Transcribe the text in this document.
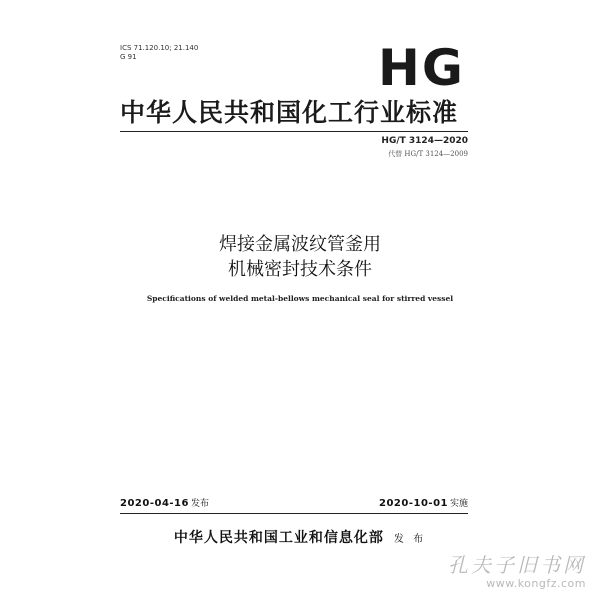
ICS 71.120.10; 21.140
G 91	HG
中华人民共和国化工行业标准
HG/T 3124—2020
代替 HG/T 3124—2009
焊接金属波纹管釜用
机械密封技术条件
Specifications of welded metal-bellows mechanical seal for stirred vessel
2020-04-16 发布	2020-10-01 实施
中华人民共和国工业和信息化部 发 布
孔夫子旧书网
www.kongfz.com
